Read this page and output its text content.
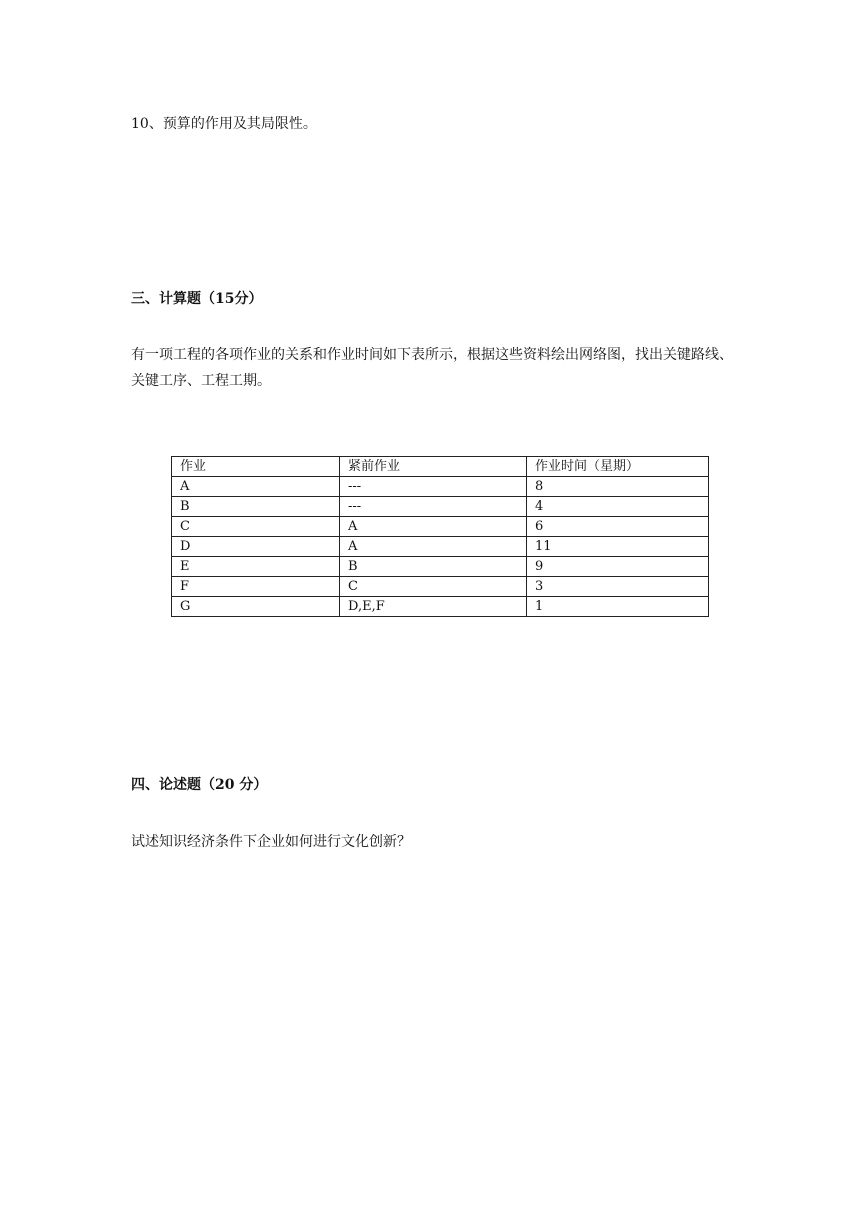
10、预算的作用及其局限性。
三、计算题（15分）
有一项工程的各项作业的关系和作业时间如下表所示，根据这些资料绘出网络图，找出关键路线、关键工序、工程工期。
作业	紧前作业	作业时间（星期）
A	---	8
B	---	4
C	A	6
D	A	11
E	B	9
F	C	3
G	D,E,F	1
四、论述题（20 分）
试述知识经济条件下企业如何进行文化创新？
